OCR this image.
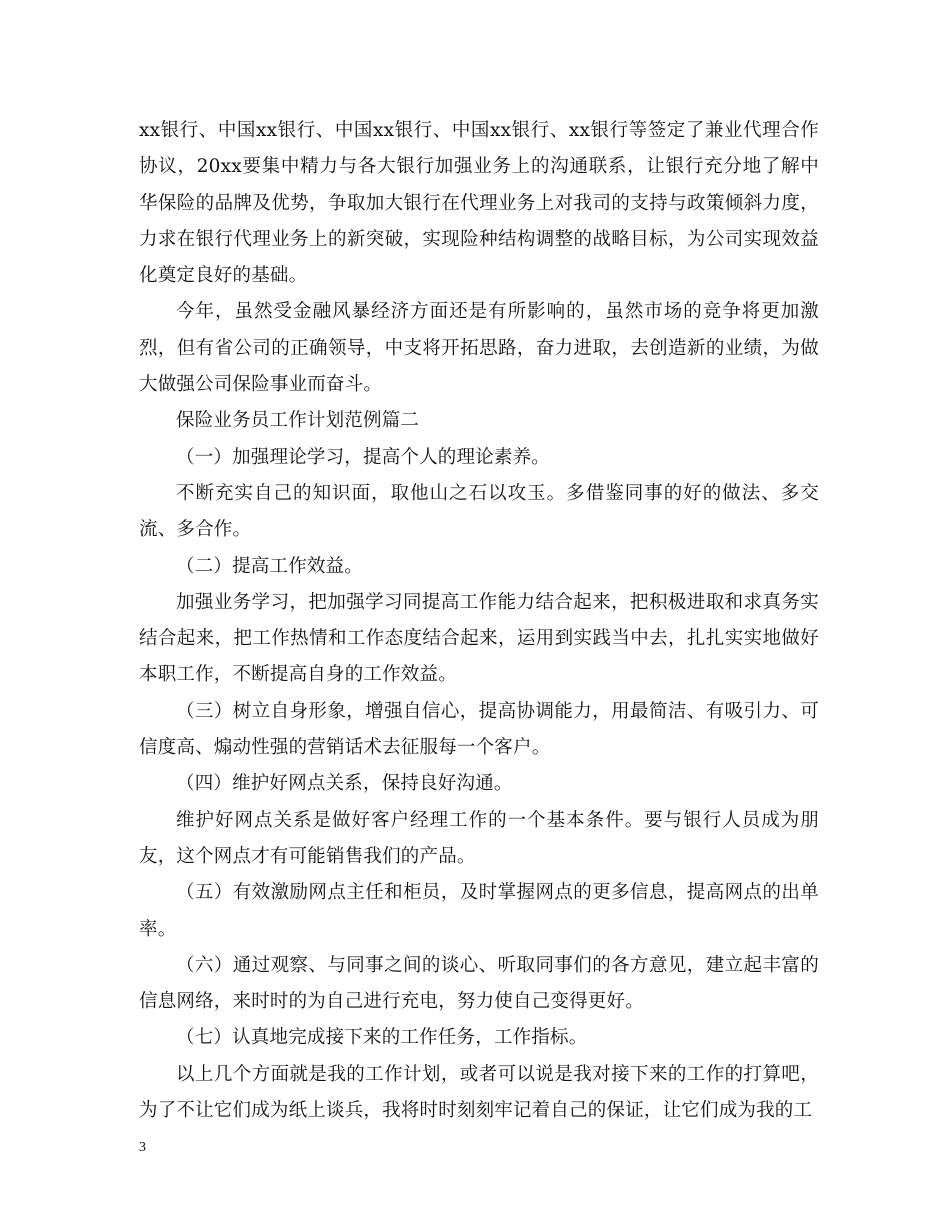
xx银行、中国xx银行、中国xx银行、中国xx银行、xx银行等签定了兼业代理合作协议，20xx要集中精力与各大银行加强业务上的沟通联系，让银行充分地了解中华保险的品牌及优势，争取加大银行在代理业务上对我司的支持与政策倾斜力度，力求在银行代理业务上的新突破，实现险种结构调整的战略目标，为公司实现效益化奠定良好的基础。

今年，虽然受金融风暴经济方面还是有所影响的，虽然市场的竞争将更加激烈，但有省公司的正确领导，中支将开拓思路，奋力进取，去创造新的业绩，为做大做强公司保险事业而奋斗。

保险业务员工作计划范例篇二

（一）加强理论学习，提高个人的理论素养。

不断充实自己的知识面，取他山之石以攻玉。多借鉴同事的好的做法、多交流、多合作。

（二）提高工作效益。

加强业务学习，把加强学习同提高工作能力结合起来，把积极进取和求真务实结合起来，把工作热情和工作态度结合起来，运用到实践当中去，扎扎实实地做好本职工作，不断提高自身的工作效益。

（三）树立自身形象，增强自信心，提高协调能力，用最简洁、有吸引力、可信度高、煽动性强的营销话术去征服每一个客户。

（四）维护好网点关系，保持良好沟通。

维护好网点关系是做好客户经理工作的一个基本条件。要与银行人员成为朋友，这个网点才有可能销售我们的产品。

（五）有效激励网点主任和柜员，及时掌握网点的更多信息，提高网点的出单率。

（六）通过观察、与同事之间的谈心、听取同事们的各方意见，建立起丰富的信息网络，来时时的为自己进行充电，努力使自己变得更好。

（七）认真地完成接下来的工作任务，工作指标。

以上几个方面就是我的工作计划，或者可以说是我对接下来的工作的打算吧，为了不让它们成为纸上谈兵，我将时时刻刻牢记着自己的保证，让它们成为我的工

3
